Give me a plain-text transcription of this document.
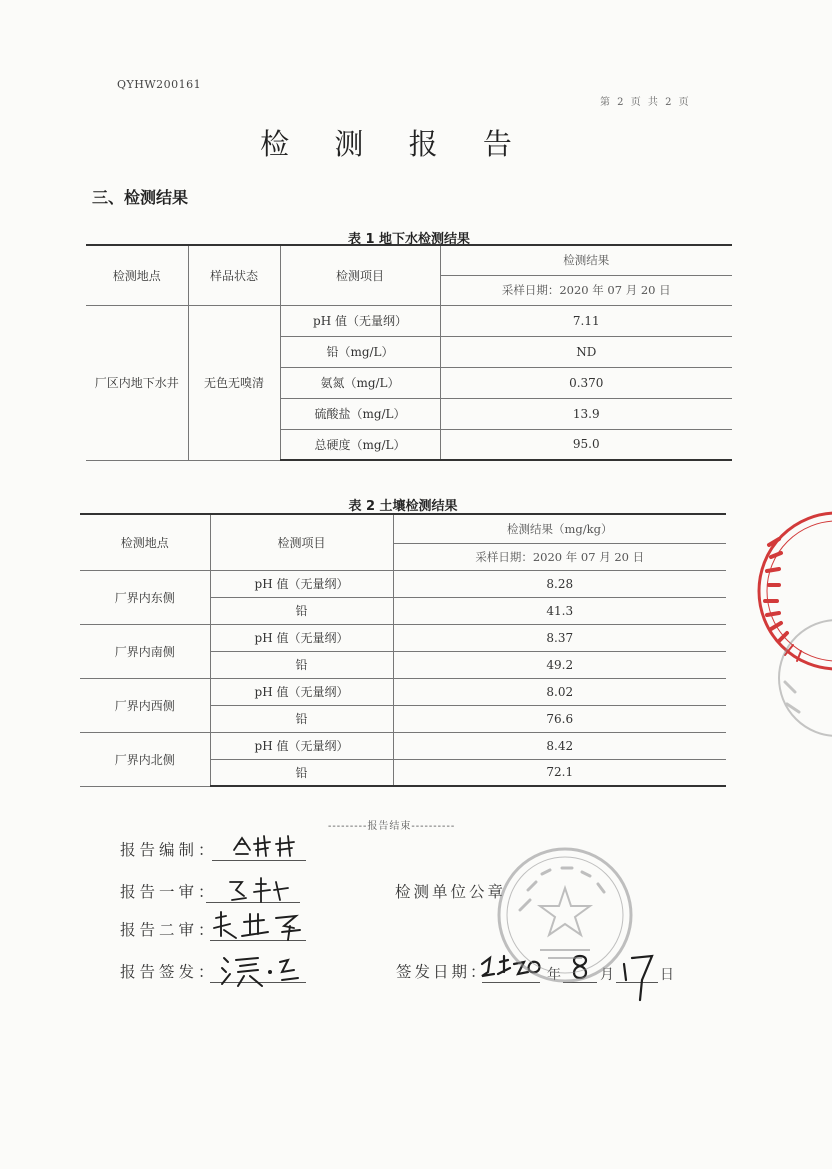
QYHW200161
第 2 页 共 2 页
检 测 报 告
三、检测结果
表 1 地下水检测结果
检测地点	样品状态	检测项目	检测结果
			采样日期：2020 年 07 月 20 日
厂区内地下水井	无色无嗅清	pH 值（无量纲）	7.11
		铅（mg/L）	ND
		氨氮（mg/L）	0.370
		硫酸盐（mg/L）	13.9
		总硬度（mg/L）	95.0
表 2 土壤检测结果
检测地点	检测项目	检测结果（mg/kg）
		采样日期：2020 年 07 月 20 日
厂界内东侧	pH 值（无量纲）	8.28
	铅	41.3
厂界内南侧	pH 值（无量纲）	8.37
	铅	49.2
厂界内西侧	pH 值（无量纲）	8.02
	铅	76.6
厂界内北侧	pH 值（无量纲）	8.42
	铅	72.1
---------报告结束----------
报告编制：
报告一审：
报告二审：
报告签发：
检测单位公章
签发日期：	年	月	日
